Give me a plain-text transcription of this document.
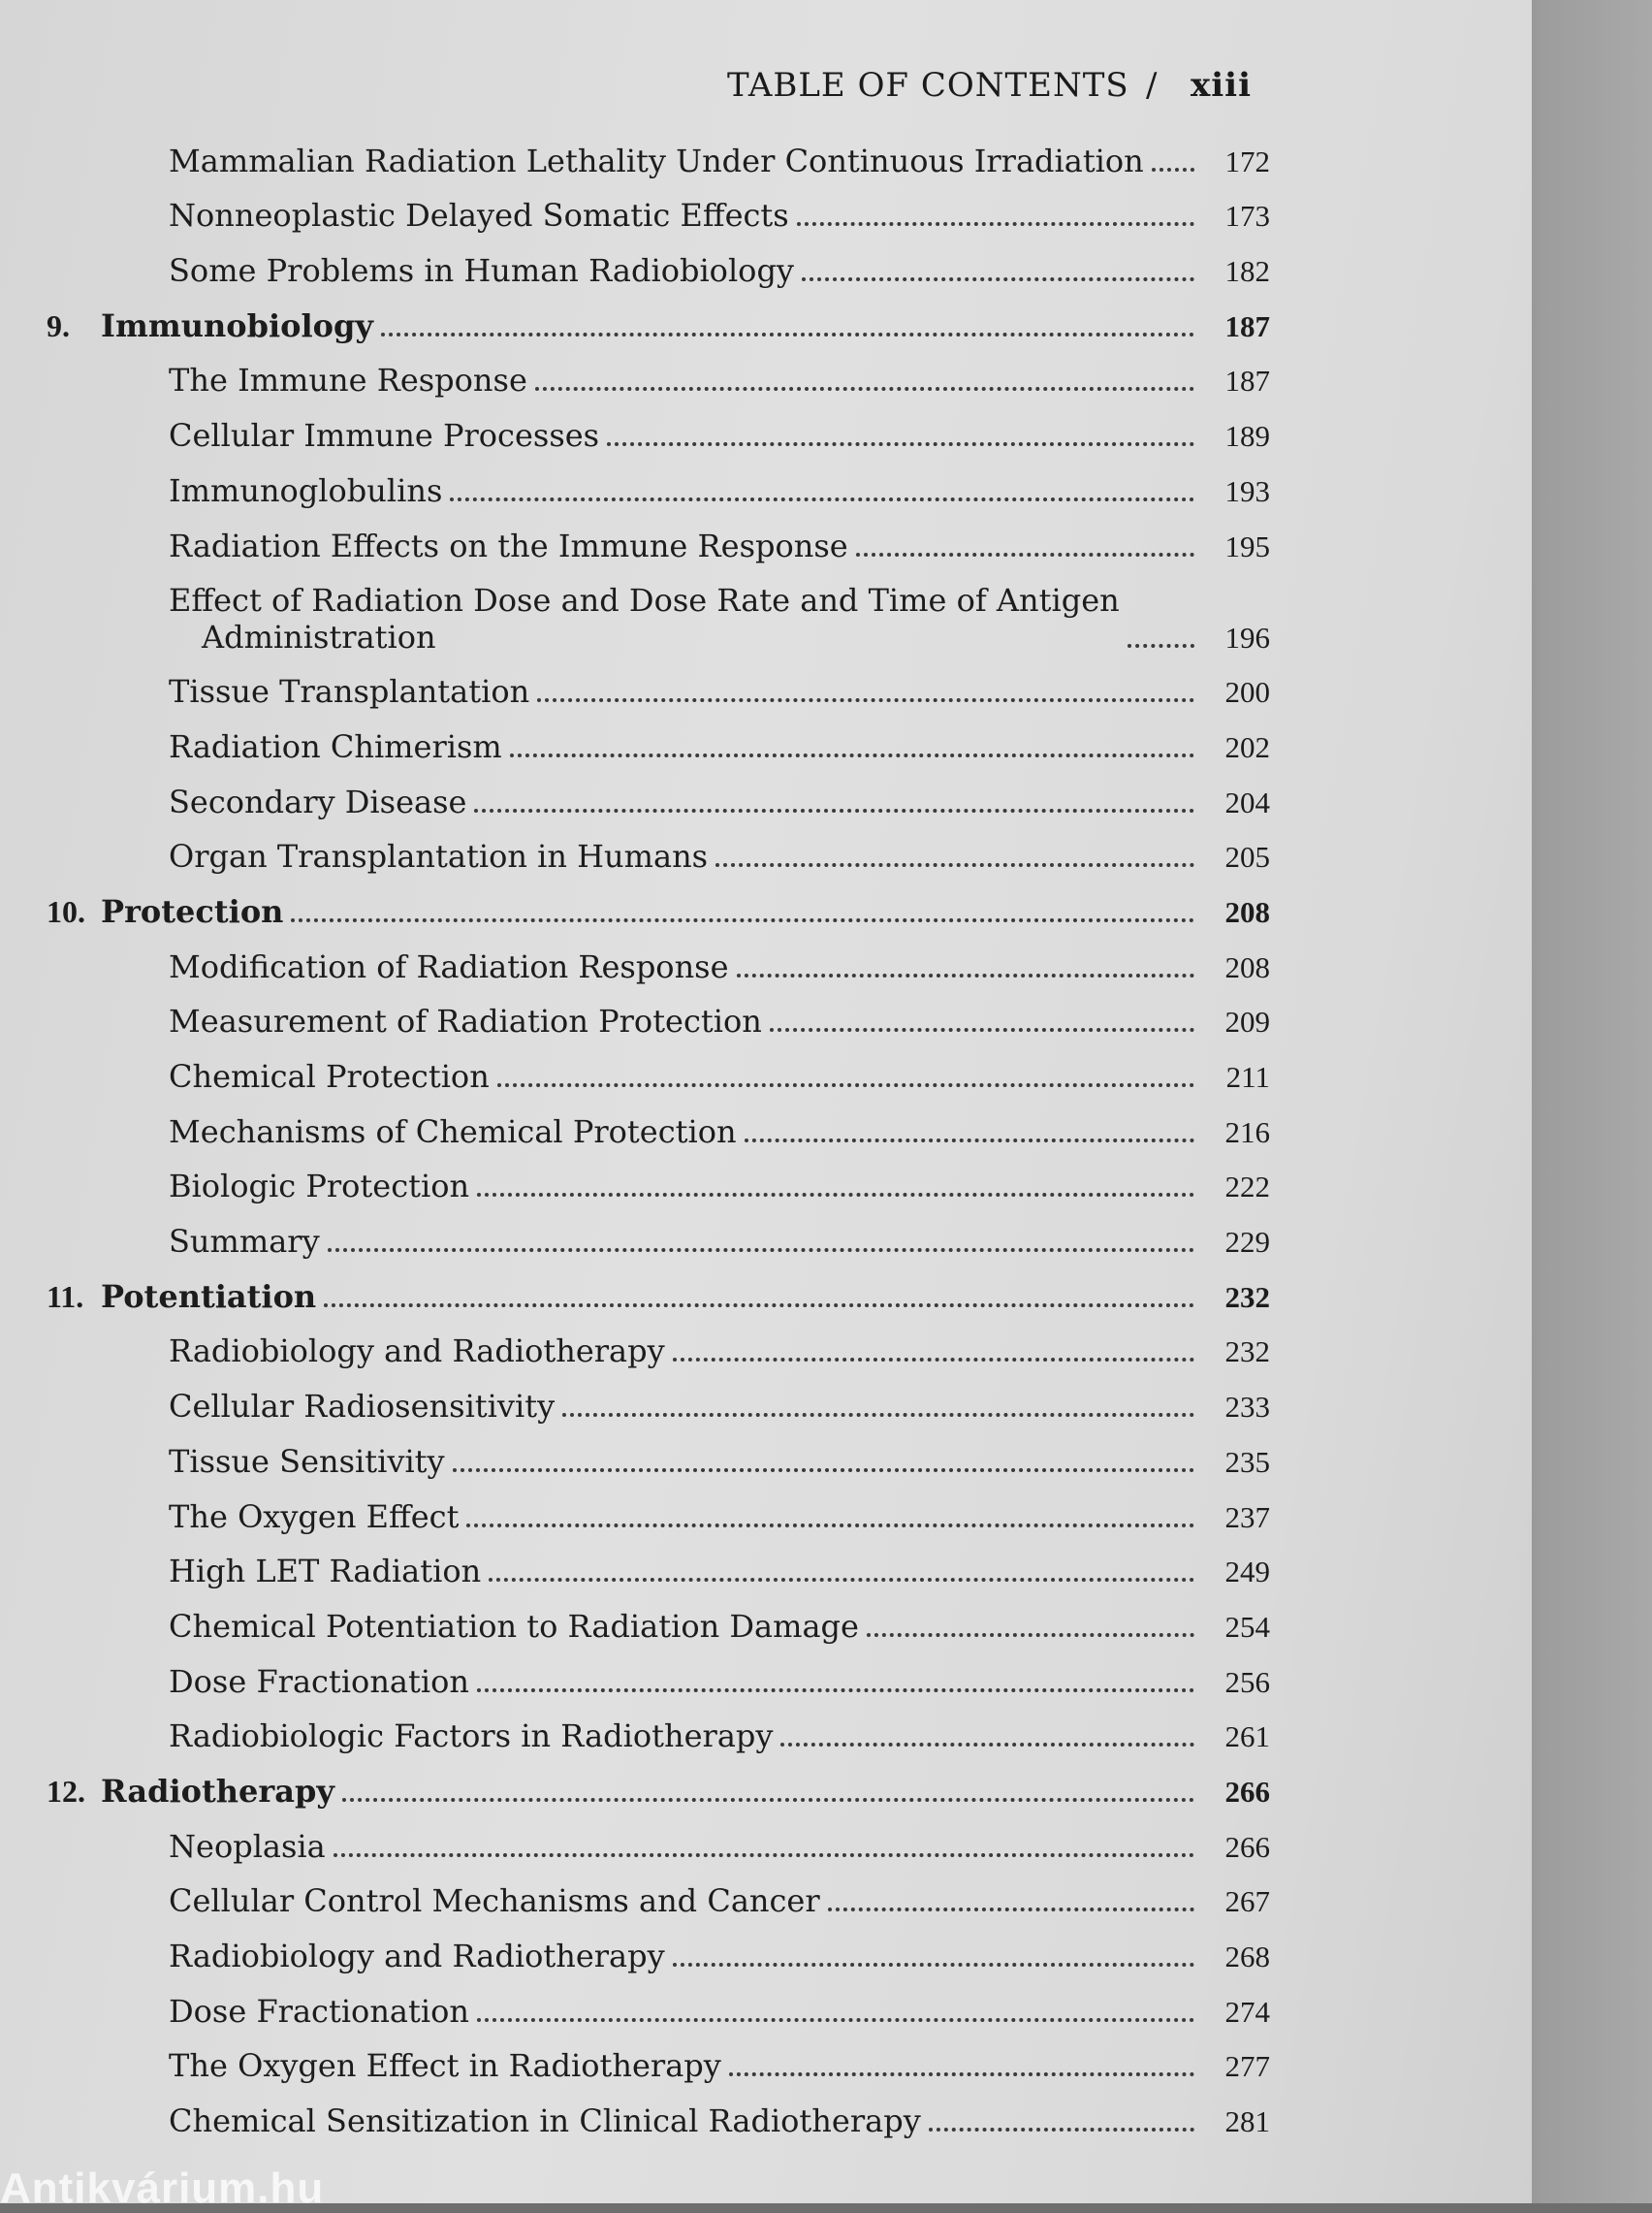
TABLE OF CONTENTS / xiii
Mammalian Radiation Lethality Under Continuous Irradiation	172
Nonneoplastic Delayed Somatic Effects	173
Some Problems in Human Radiobiology	182
9.	Immunobiology	187
The Immune Response	187
Cellular Immune Processes	189
Immunoglobulins	193
Radiation Effects on the Immune Response	195
Effect of Radiation Dose and Dose Rate and Time of Antigen
Administration	196
Tissue Transplantation	200
Radiation Chimerism	202
Secondary Disease	204
Organ Transplantation in Humans	205
10. Protection	208
Modification of Radiation Response	208
Measurement of Radiation Protection	209
Chemical Protection	211
Mechanisms of Chemical Protection	216
Biologic Protection	222
Summary	229
11. Potentiation	232
Radiobiology and Radiotherapy	232
Cellular Radiosensitivity	233
Tissue Sensitivity	235
The Oxygen Effect	237
High LET Radiation	249
Chemical Potentiation to Radiation Damage	254
Dose Fractionation	256
Radiobiologic Factors in Radiotherapy	261
12. Radiotherapy	266
Neoplasia	266
Cellular Control Mechanisms and Cancer	267
Radiobiology and Radiotherapy	268
Dose Fractionation	274
The Oxygen Effect in Radiotherapy	277
Chemical Sensitization in Clinical Radiotherapy	281
Antikvárium.hu
